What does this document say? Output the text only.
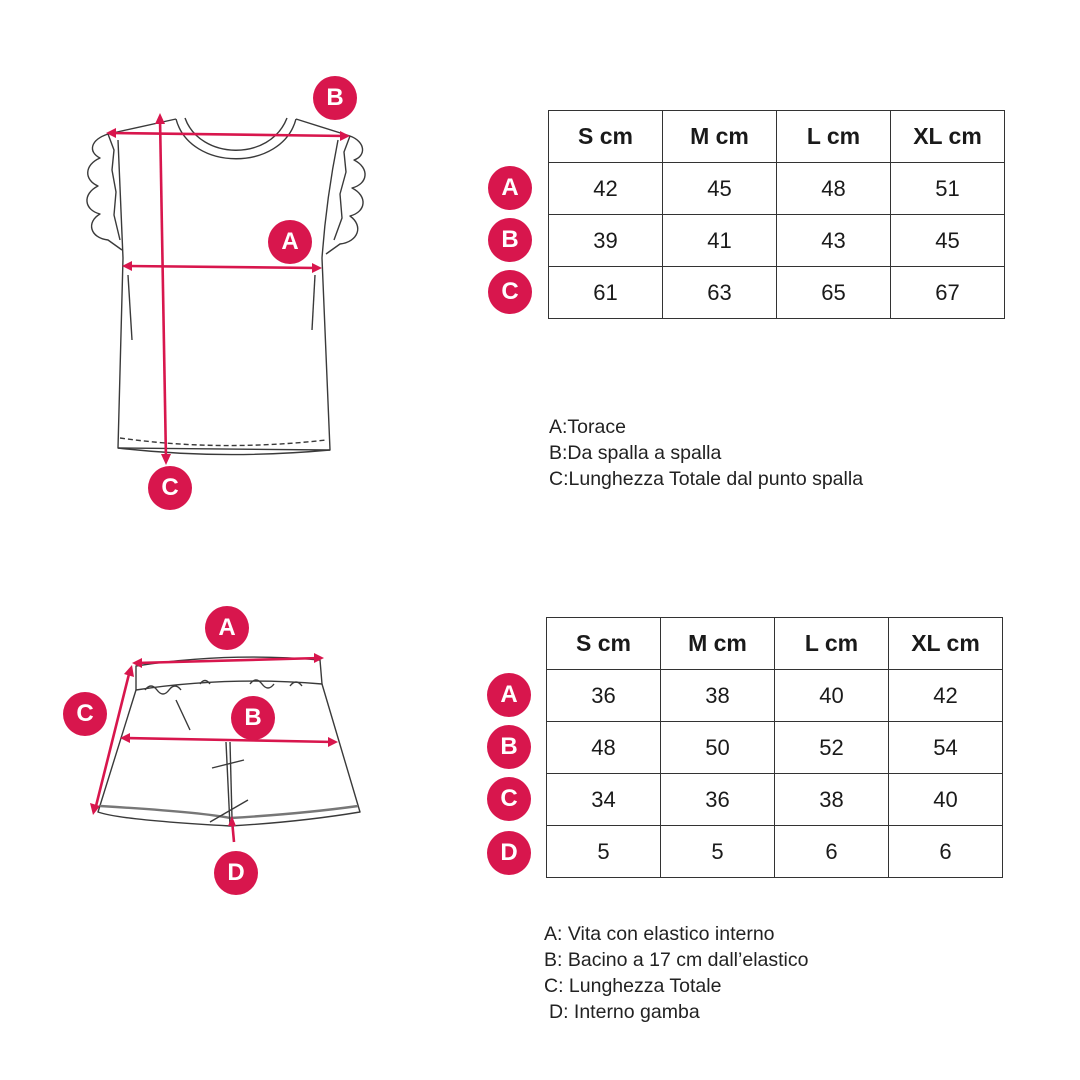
B
A
C
A
B
C
S cm	M cm	L cm	XL cm
42	45	48	51
39	41	43	45
61	63	65	67
A:Torace
B:Da spalla a spalla
C:Lunghezza Totale dal punto spalla
A
C	B
D
A
B
C
D
S cm	M cm	L cm	XL cm
36	38	40	42
48	50	52	54
34	36	38	40
5	5	6	6
A: Vita con elastico interno
B: Bacino a 17 cm dall’elastico
C: Lunghezza Totale
D: Interno gamba
